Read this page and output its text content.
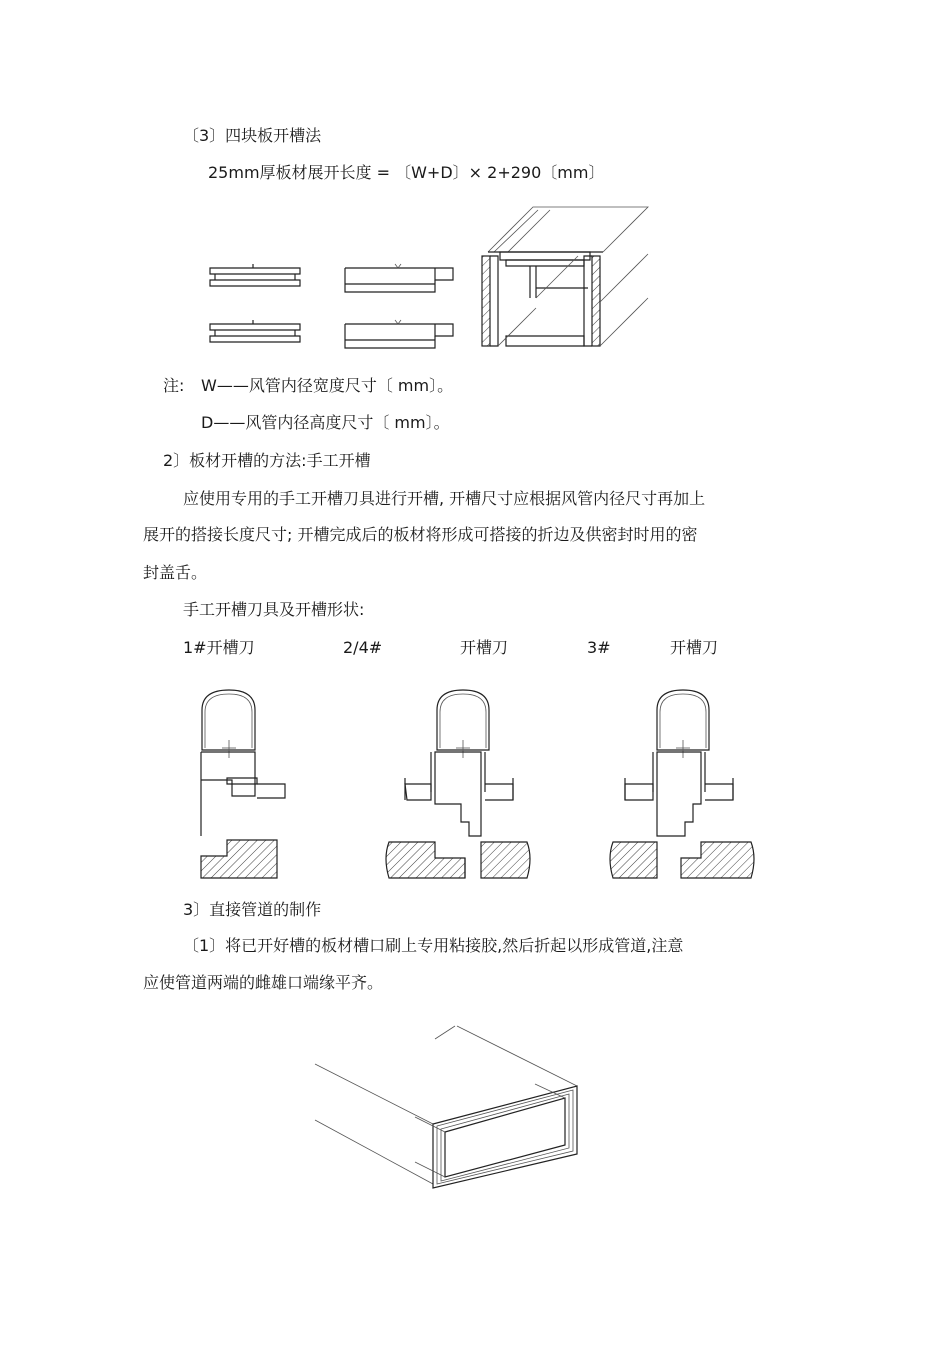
〔3〕四块板开槽法
25mm厚板材展开长度 = 〔W+D〕× 2+290〔mm〕
注: W——风管内径宽度尺寸〔 mm〕。
D——风管内径高度尺寸〔 mm〕。
2〕板材开槽的方法:手工开槽
应使用专用的手工开槽刀具进行开槽, 开槽尺寸应根据风管内径尺寸再加上
展开的搭接长度尺寸; 开槽完成后的板材将形成可搭接的折边及供密封时用的密
封盖舌。
手工开槽刀具及开槽形状:
1#开槽刀	2/4#	开槽刀	3#	开槽刀
3〕直接管道的制作
〔1〕将已开好槽的板材槽口刷上专用粘接胶,然后折起以形成管道,注意
应使管道两端的雌雄口端缘平齐。
